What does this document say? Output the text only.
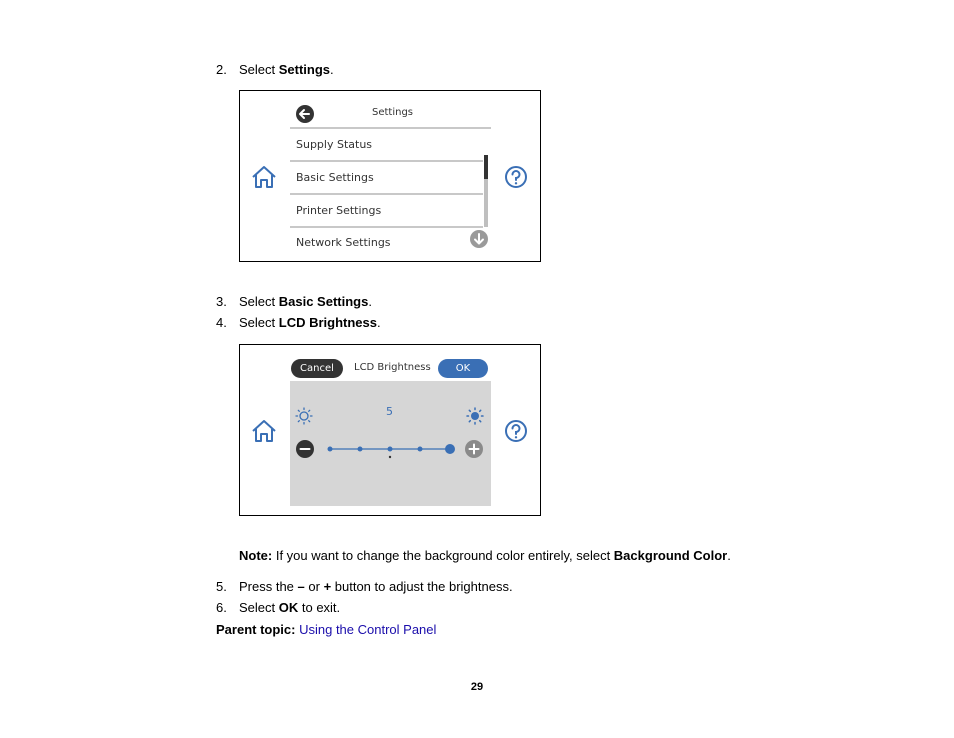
2. Select Settings.
Settings
Supply Status
Basic Settings
Printer Settings
Network Settings
3. Select Basic Settings.
4. Select LCD Brightness.
Cancel	LCD Brightness	OK
5
Note: If you want to change the background color entirely, select Background Color.
5. Press the – or + button to adjust the brightness.
6. Select OK to exit.
Parent topic: Using the Control Panel
29
